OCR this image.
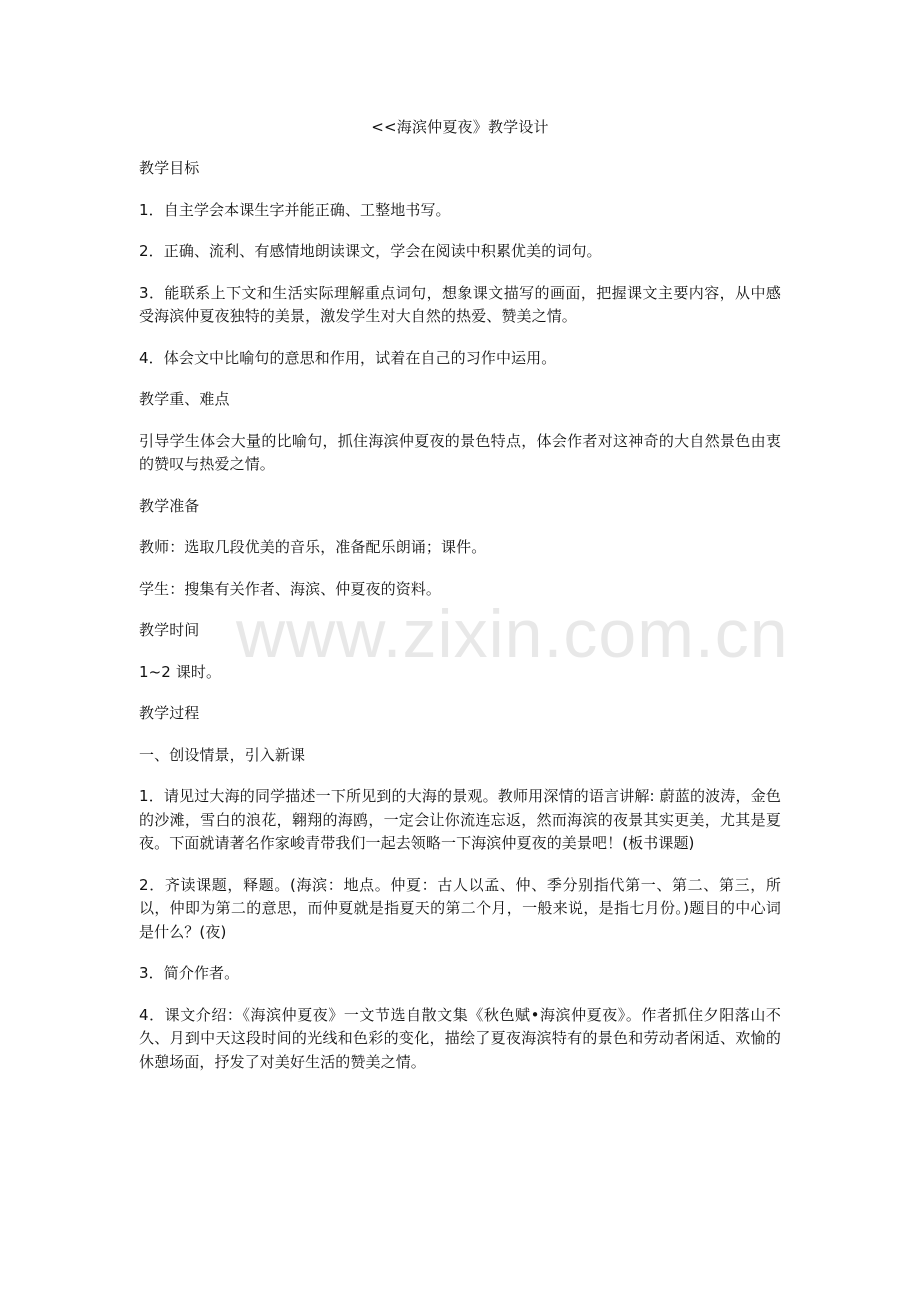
<<海滨仲夏夜》教学设计

教学目标

1．自主学会本课生字并能正确、工整地书写。

2．正确、流利、有感情地朗读课文，学会在阅读中积累优美的词句。

3．能联系上下文和生活实际理解重点词句，想象课文描写的画面，把握课文主要内容，从中感受海滨仲夏夜独特的美景，激发学生对大自然的热爱、赞美之情。

4．体会文中比喻句的意思和作用，试着在自己的习作中运用。

教学重、难点

引导学生体会大量的比喻句，抓住海滨仲夏夜的景色特点，体会作者对这神奇的大自然景色由衷的赞叹与热爱之情。

教学准备

教师：选取几段优美的音乐，准备配乐朗诵；课件。

学生：搜集有关作者、海滨、仲夏夜的资料。

教学时间

1~2 课时。

教学过程

一、创设情景，引入新课

1．请见过大海的同学描述一下所见到的大海的景观。教师用深情的语言讲解: 蔚蓝的波涛，金色的沙滩，雪白的浪花，翱翔的海鸥，一定会让你流连忘返，然而海滨的夜景其实更美，尤其是夏夜。下面就请著名作家峻青带我们一起去领略一下海滨仲夏夜的美景吧！(板书课题)

2．齐读课题，释题。(海滨：地点。仲夏：古人以孟、仲、季分别指代第一、第二、第三，所以，仲即为第二的意思，而仲夏就是指夏天的第二个月，一般来说，是指七月份。)题目的中心词是什么？(夜)

3．简介作者。

4．课文介绍：《海滨仲夏夜》一文节选自散文集《秋色赋•海滨仲夏夜》。作者抓住夕阳落山不久、月到中天这段时间的光线和色彩的变化，描绘了夏夜海滨特有的景色和劳动者闲适、欢愉的休憩场面，抒发了对美好生活的赞美之情。

www.zixin.com.cn
